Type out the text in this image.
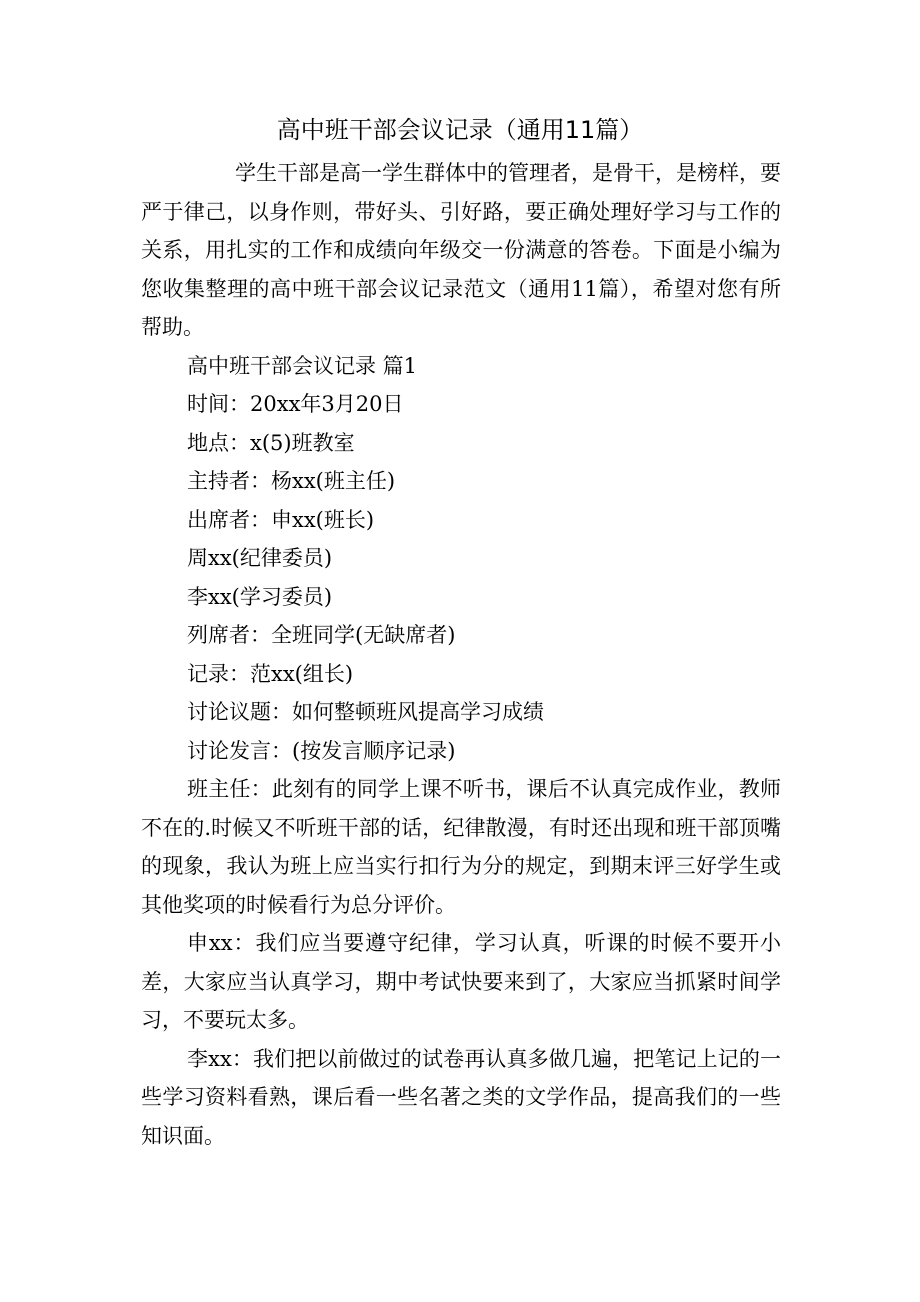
高中班干部会议记录（通用11篇）

学生干部是高一学生群体中的管理者，是骨干，是榜样，要严于律己，以身作则，带好头、引好路，要正确处理好学习与工作的关系，用扎实的工作和成绩向年级交一份满意的答卷。下面是小编为您收集整理的高中班干部会议记录范文（通用11篇），希望对您有所帮助。

高中班干部会议记录 篇1

时间：20xx年3月20日

地点：x(5)班教室

主持者：杨xx(班主任)

出席者：申xx(班长)

周xx(纪律委员)

李xx(学习委员)

列席者：全班同学(无缺席者)

记录：范xx(组长)

讨论议题：如何整顿班风提高学习成绩

讨论发言：(按发言顺序记录)

班主任：此刻有的同学上课不听书，课后不认真完成作业，教师不在的.时候又不听班干部的话，纪律散漫，有时还出现和班干部顶嘴的现象，我认为班上应当实行扣行为分的规定，到期末评三好学生或其他奖项的时候看行为总分评价。

申xx：我们应当要遵守纪律，学习认真，听课的时候不要开小差，大家应当认真学习，期中考试快要来到了，大家应当抓紧时间学习，不要玩太多。

李xx：我们把以前做过的试卷再认真多做几遍，把笔记上记的一些学习资料看熟，课后看一些名著之类的文学作品，提高我们的一些知识面。
